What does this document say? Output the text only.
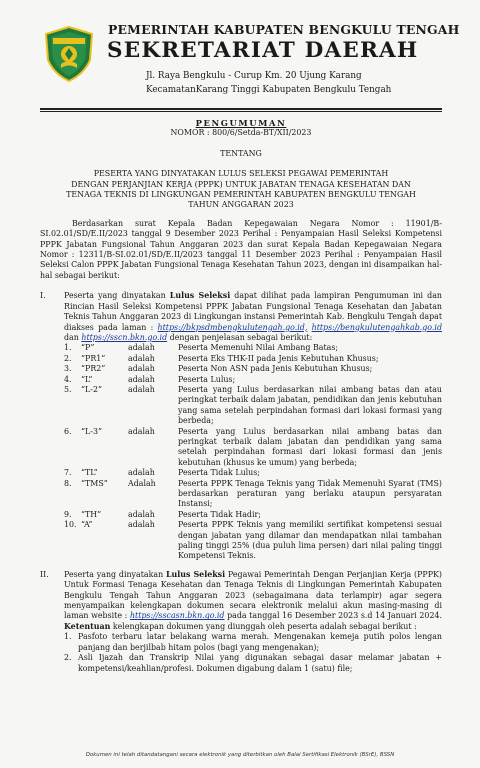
PEMERINTAH KABUPATEN BENGKULU TENGAH
SEKRETARIAT DAERAH
Jl. Raya Bengkulu - Curup Km. 20 Ujung Karang
KecamatanKarang Tinggi Kabupaten Bengkulu Tengah
PENGUMUMAN
NOMOR : 800/6/Setda-BT/XII/2023
TENTANG
PESERTA YANG DINYATAKAN LULUS SELEKSI PEGAWAI PEMERINTAH
DENGAN PERJANJIAN KERJA (PPPK) UNTUK JABATAN TENAGA KESEHATAN DAN
TENAGA TEKNIS DI LINGKUNGAN PEMERINTAH KABUPATEN BENGKULU TENGAH
TAHUN ANGGARAN 2023
Berdasarkan surat Kepala Badan Kepegawaian Negara Nomor : 11901/B-SI.02.01/SD/E.II/2023 tanggal 9 Desember 2023 Perihal : Penyampaian Hasil Seleksi Kompetensi PPPK Jabatan Fungsional Tahun Anggaran 2023 dan surat Kepala Badan Kepegawaian Negara Nomor : 12311/B-SI.02.01/SD/E.II/2023 tanggal 11 Desember 2023 Perihal : Penyampaian Hasil Seleksi Calon PPPK Jabatan Fungsional Tenaga Kesehatan Tahun 2023, dengan ini disampaikan hal-hal sebagai berikut:
I.	Peserta yang dinyatakan Lulus Seleksi dapat dilihat pada lampiran Pengumuman ini dan Rincian Hasil Seleksi Kompetensi PPPK Jabatan Fungsional Tenaga Kesehatan dan Jabatan Teknis Tahun Anggaran 2023 di Lingkungan instansi Pemerintah Kab. Bengkulu Tengah dapat diakses pada laman : https://bkpsdmbengkulutengah.go.id, https://bengkulutengahkab.go.id dan https://sscn.bkn.go.id dengan penjelasan sebagai berikut:
1.	“P”	adalah	Peserta Memenuhi Nilai Ambang Batas;
2.	“PR1”	adalah	Peserta Eks THK-II pada Jenis Kebutuhan Khusus;
3.	“PR2”	adalah	Peserta Non ASN pada Jenis Kebutuhan Khusus;
4.	“L”	adalah	Peserta Lulus;
5.	“L-2”	adalah	Peserta yang Lulus berdasarkan nilai ambang batas dan atau peringkat terbaik dalam jabatan, pendidikan dan jenis kebutuhan yang sama setelah perpindahan formasi dari lokasi formasi yang berbeda;
6.	“L-3”	adalah	Peserta yang Lulus berdasarkan nilai ambang batas dan peringkat terbaik dalam jabatan dan pendidikan yang sama setelah perpindahan formasi dari lokasi formasi dan jenis kebutuhan (khusus ke umum) yang berbeda;
7.	“TL”	adalah	Peserta Tidak Lulus;
8.	“TMS”	Adalah	Peserta PPPK Tenaga Teknis yang Tidak Memenuhi Syarat (TMS) berdasarkan peraturan yang berlaku ataupun persyaratan Instansi;
9.	“TH”	adalah	Peserta Tidak Hadir;
10.	“A”	adalah	Peserta PPPK Teknis yang memiliki sertifikat kompetensi sesuai dengan jabatan yang dilamar dan mendapatkan nilai tambahan paling tinggi 25% (dua puluh lima persen) dari nilai paling tinggi Kompetensi Teknis.
II.	Peserta yang dinyatakan Lulus Seleksi Pegawai Pemerintah Dengan Perjanjian Kerja (PPPK) Untuk Formasi Tenaga Kesehatan dan Tenaga Teknis di Lingkungan Pemerintah Kabupaten Bengkulu Tengah Tahun Anggaran 2023 (sebagaimana data terlampir) agar segera menyampaikan kelengkapan dokumen secara elektronik melalui akun masing-masing di laman website : https://sscasn.bkn.go.id pada tanggal 16 Desember 2023 s.d 14 Januari 2024. Ketentuan kelengkapan dokumen yang diunggah oleh peserta adalah sebagai berikut :
1. Pasfoto terbaru latar belakang warna merah. Mengenakan kemeja putih polos lengan panjang dan berjilbab hitam polos (bagi yang mengenakan);
2. Asli Ijazah dan Transkrip Nilai yang digunakan sebagai dasar melamar jabatan + kompetensi/keahlian/profesi. Dokumen digabung dalam 1 (satu) file;
Dokumen ini telah ditandatangani secara elektronik yang diterbitkan oleh Balai Sertifikasi Elektronik (BSrE), BSSN
